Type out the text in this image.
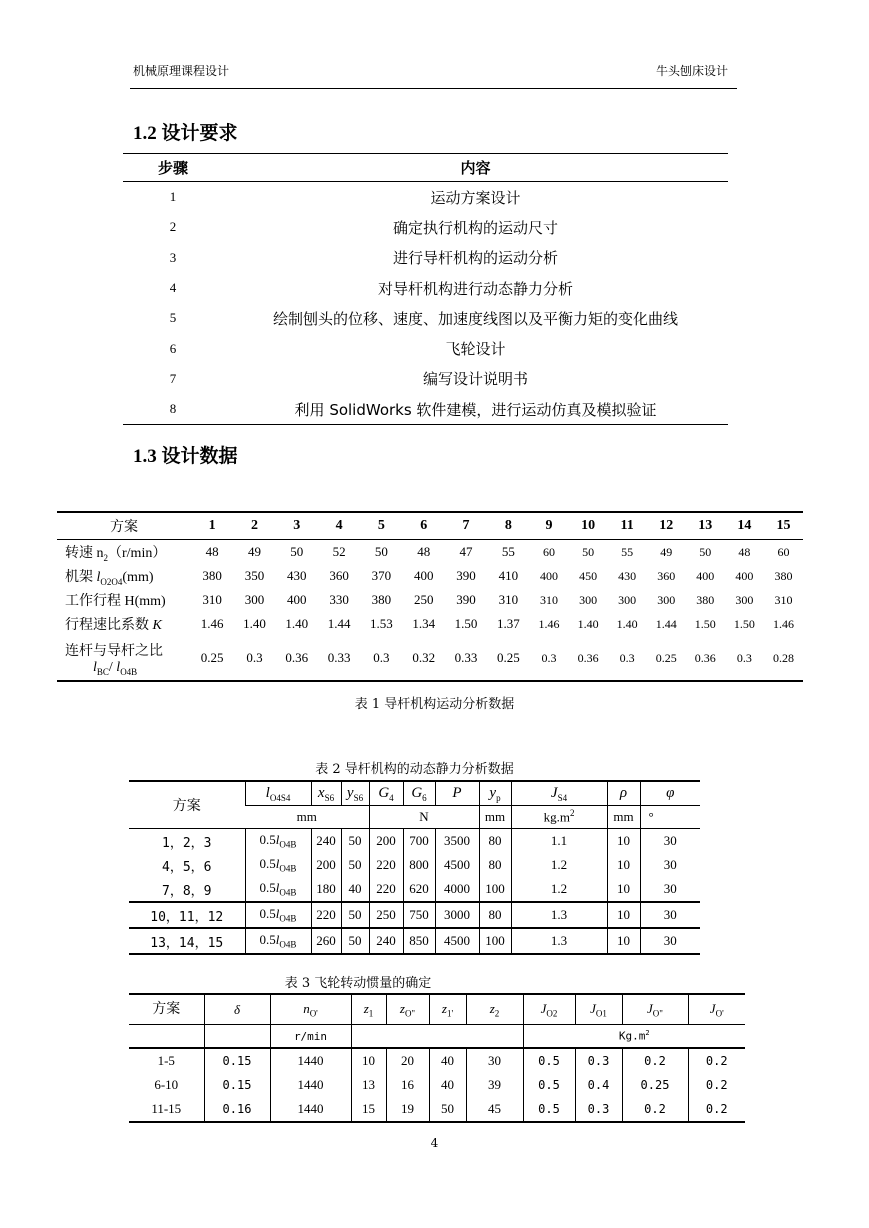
机械原理课程设计	牛头刨床设计
1.2 设计要求
步骤	内容
1	运动方案设计
2	确定执行机构的运动尺寸
3	进行导杆机构的运动分析
4	对导杆机构进行动态静力分析
5	绘制刨头的位移、速度、加速度线图以及平衡力矩的变化曲线
6	飞轮设计
7	编写设计说明书
8	利用 SolidWorks 软件建模，进行运动仿真及模拟验证
1.3 设计数据
方案	1	2	3	4	5	6	7	8	9	10	11	12	13	14	15
转速 $n_2(r/\min)$	48	49	50	52	50	48	47	55	60	50	55	49	50	48	60
机架 $l_{O2O4}(mm)$	380	350	430	360	370	400	390	410	400	450	430	360	400	400	380
工作行程 H(mm)	310	300	400	330	380	250	390	310	310	300	300	300	380	300	310
行程速比系数 K	1.46	1.40	1.40	1.44	1.53	1.34	1.50	1.37	1.46	1.40	1.40	1.44	1.50	1.50	1.46
连杆与导杆之比
$l_{BC}/$ $l_{O4B}$	0.25	0.3	0.36	0.33	0.3	0.32	0.33	0.25	0.3	0.36	0.3	0.25	0.36	0.3	0.28
表 1 导杆机构运动分析数据
表 2 导杆机构的动态静力分析数据
方案	$l_{O4S4}$	$x_{S6}$	$y_{S6}$	$G_4$	$G_6$	P	$y_p$	$J_{S4}$	ρ	φ
	mm			N			mm	$kg.m^2$	mm	°
1，2，3	$0.5l_{O4B}$	240	50	200	700	3500	80	1.1	10	30
4，5，6	$0.5l_{O4B}$	200	50	220	800	4500	80	1.2	10	30
7，8，9	$0.5l_{O4B}$	180	40	220	620	4000	100	1.2	10	30
10，11，12	$0.5l_{O4B}$	220	50	250	750	3000	80	1.3	10	30
13，14，15	$0.5l_{O4B}$	260	50	240	850	4500	100	1.3	10	30
表 3 飞轮转动惯量的确定
方案	δ	$n_{O'}$	$z_1$	$z_{O"}$	$z_{1'}$	$z_2$	$J_{O2}$	$J_{O1}$	$J_{O"}$	$J_{O'}$
		r/min					$Kg.m^2$
1-5	0.15	1440	10	20	40	30	0.5	0.3	0.2	0.2
6-10	0.15	1440	13	16	40	39	0.5	0.4	0.25	0.2
11-15	0.16	1440	15	19	50	45	0.5	0.3	0.2	0.2
4
